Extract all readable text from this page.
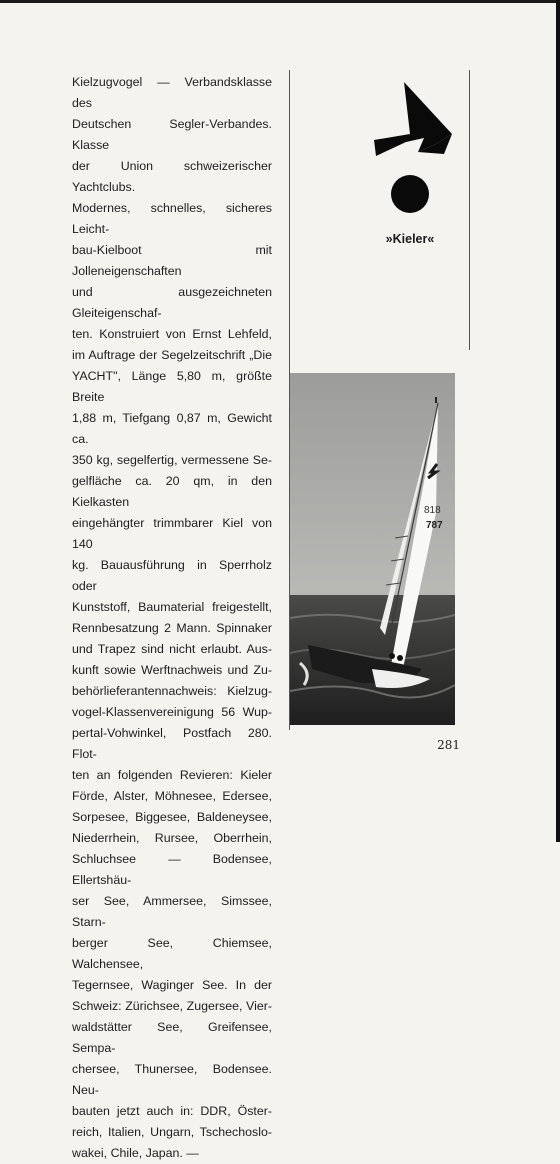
Kielzugvogel — Verbandsklasse des
Deutschen Segler-Verbandes. Klasse
der Union schweizerischer Yachtclubs.
Modernes, schnelles, sicheres Leicht-
bau-Kielboot mit Jolleneigenschaften
und ausgezeichneten Gleiteigenschaf-
ten. Konstruiert von Ernst Lehfeld,
im Auftrage der Segelzeitschrift „Die
YACHT", Länge 5,80 m, größte Breite
1,88 m, Tiefgang 0,87 m, Gewicht ca.
350 kg, segelfertig, vermessene Se-
gelfläche ca. 20 qm, in den Kielkasten
eingehängter trimmbarer Kiel von 140
kg. Bauausführung in Sperrholz oder
Kunststoff, Baumaterial freigestellt,
Rennbesatzung 2 Mann. Spinnaker
und Trapez sind nicht erlaubt. Aus-
kunft sowie Werftnachweis und Zu-
behörlieferantennachweis: Kielzug-
vogel-Klassenvereinigung 56 Wup-
pertal-Vohwinkel, Postfach 280. Flot-
ten an folgenden Revieren: Kieler
Förde, Alster, Möhnesee, Edersee,
Sorpesee, Biggesee, Baldeneysee,
Niederrhein, Rursee, Oberrhein,
Schluchsee — Bodensee, Ellertshäu-
ser See, Ammersee, Simssee, Starn-
berger See, Chiemsee, Walchensee,
Tegernsee, Waginger See. In der
Schweiz: Zürichsee, Zugersee, Vier-
waldstätter See, Greifensee, Sempa-
chersee, Thunersee, Bodensee. Neu-
bauten jetzt auch in: DDR, Öster-
reich, Italien, Ungarn, Tschechoslo-
wakei, Chile, Japan. —

»Kieler«

818
787

281
